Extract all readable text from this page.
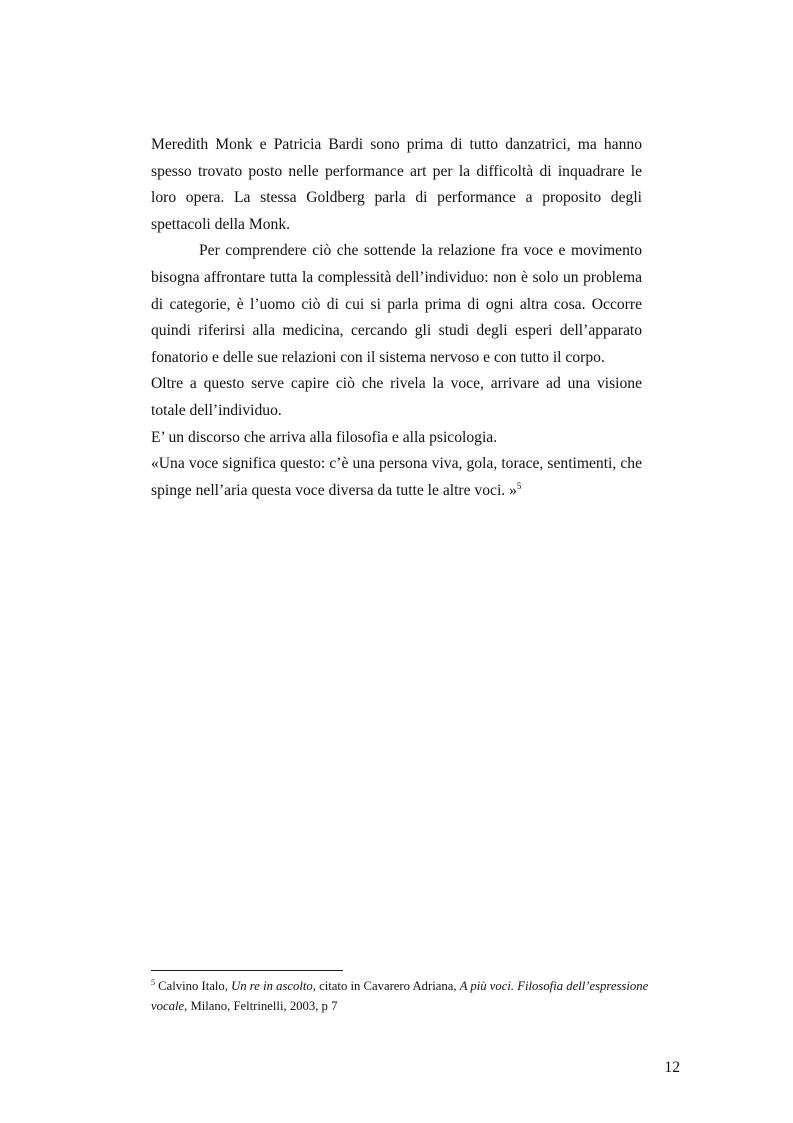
Meredith Monk e Patricia Bardi sono prima di tutto danzatrici, ma hanno spesso trovato posto nelle performance art per la difficoltà di inquadrare le loro opera. La stessa Goldberg parla di performance a proposito degli spettacoli della Monk.

Per comprendere ciò che sottende la relazione fra voce e movimento bisogna affrontare tutta la complessità dell’individuo: non è solo un problema di categorie, è l’uomo ciò di cui si parla prima di ogni altra cosa. Occorre quindi riferirsi alla medicina, cercando gli studi degli esperi dell’apparato fonatorio e delle sue relazioni con il sistema nervoso e con tutto il corpo.

Oltre a questo serve capire ciò che rivela la voce, arrivare ad una visione totale dell’individuo.

E’ un discorso che arriva alla filosofia e alla psicologia.

«Una voce significa questo: c’è una persona viva, gola, torace, sentimenti, che spinge nell’aria questa voce diversa da tutte le altre voci. »$^5$

$^5$ Calvino Italo, Un re in ascolto, citato in Cavarero Adriana, A più voci. Filosofia dell’espressione vocale, Milano, Feltrinelli, 2003, p 7
12
